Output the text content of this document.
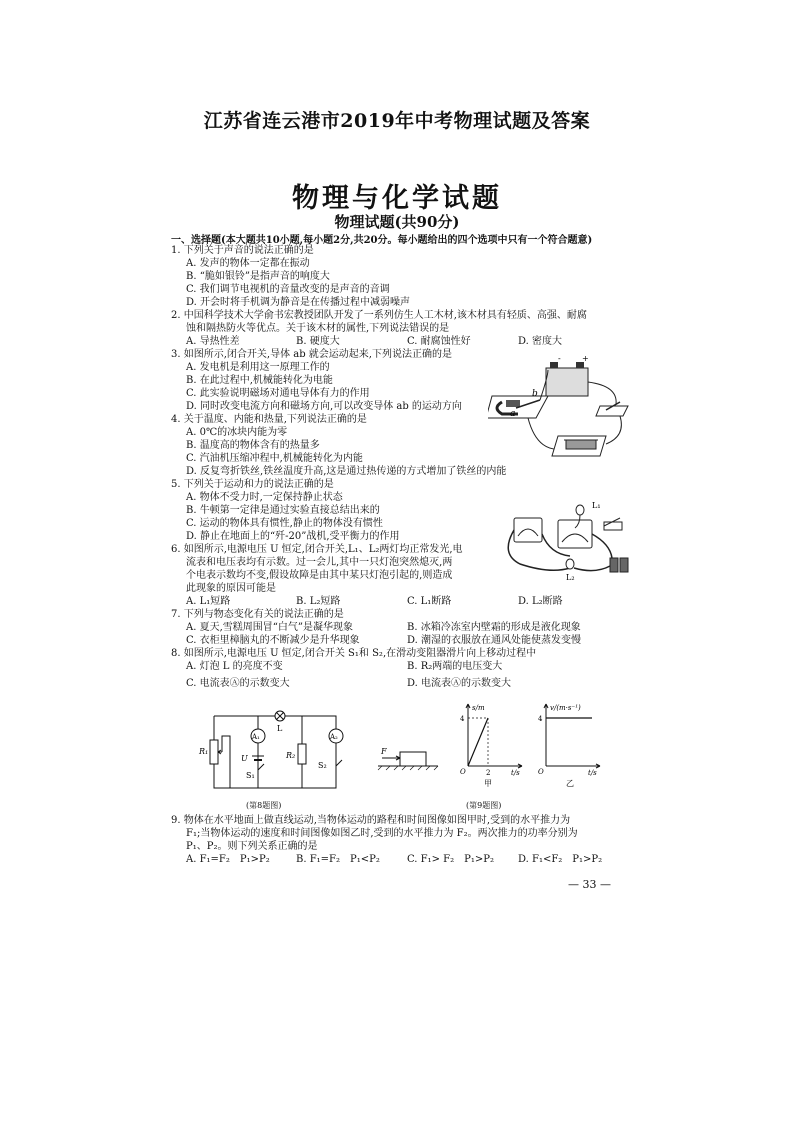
江苏省连云港市2019年中考物理试题及答案
物理与化学试题
物理试题(共90分)
一、选择题(本大题共10小题,每小题2分,共20分。每小题给出的四个选项中只有一个符合题意)
1. 下列关于声音的说法正确的是
A. 发声的物体一定都在振动
B. “脆如银铃”是指声音的响度大
C. 我们调节电视机的音量改变的是声音的音调
D. 开会时将手机调为静音是在传播过程中减弱噪声
2. 中国科学技术大学俞书宏教授团队开发了一系列仿生人工木材,该木材具有轻质、高强、耐腐
蚀和隔热防火等优点。关于该木材的属性,下列说法错误的是
A. 导热性差	B. 硬度大	C. 耐腐蚀性好	D. 密度大
3. 如图所示,闭合开关,导体 ab 就会运动起来,下列说法正确的是
A. 发电机是利用这一原理工作的
B. 在此过程中,机械能转化为电能
C. 此实验说明磁场对通电导体有力的作用
D. 同时改变电流方向和磁场方向,可以改变导体 ab 的运动方向
-	+
b
a
4. 关于温度、内能和热量,下列说法正确的是
A. 0℃的冰块内能为零
B. 温度高的物体含有的热量多
C. 汽油机压缩冲程中,机械能转化为内能
D. 反复弯折铁丝,铁丝温度升高,这是通过热传递的方式增加了铁丝的内能
5. 下列关于运动和力的说法正确的是
A. 物体不受力时,一定保持静止状态
B. 牛顿第一定律是通过实验直接总结出来的
C. 运动的物体具有惯性,静止的物体没有惯性
D. 静止在地面上的“歼-20”战机,受平衡力的作用
L₁
L₂
6. 如图所示,电源电压 U 恒定,闭合开关,L₁、L₂两灯均正常发光,电
流表和电压表均有示数。过一会儿,其中一只灯泡突然熄灭,两
个电表示数均不变,假设故障是由其中某只灯泡引起的,则造成
此现象的原因可能是
A. L₁短路	B. L₂短路	C. L₁断路	D. L₂断路
7. 下列与物态变化有关的说法正确的是
A. 夏天,雪糕周围冒“白气”是凝华现象	B. 冰箱冷冻室内壁霜的形成是液化现象
C. 衣柜里樟脑丸的不断减少是升华现象	D. 潮湿的衣服放在通风处能使蒸发变慢
8. 如图所示,电源电压 U 恒定,闭合开关 S₁和 S₂,在滑动变阻器滑片向上移动过程中
A. 灯泡 L 的亮度不变	B. R₂两端的电压变大
C. 电流表Ⓐ的示数变大	D. 电流表Ⓐ的示数变大
R₁
A₁
L
U
S₁
R₂
A₂
S₂
(第8题图)
F
s/m
4
O	2	t/s
甲
v/(m·s⁻¹)
4
O	t/s
乙
(第9题图)
9. 物体在水平地面上做直线运动,当物体运动的路程和时间图像如图甲时,受到的水平推力为
F₁;当物体运动的速度和时间图像如图乙时,受到的水平推力为 F₂。两次推力的功率分别为
P₁、P₂。则下列关系正确的是
A. F₁=F₂　P₁>P₂	B. F₁=F₂　P₁<P₂	C. F₁> F₂　P₁>P₂ D. F₁<F₂　P₁>P₂
— 33 —
